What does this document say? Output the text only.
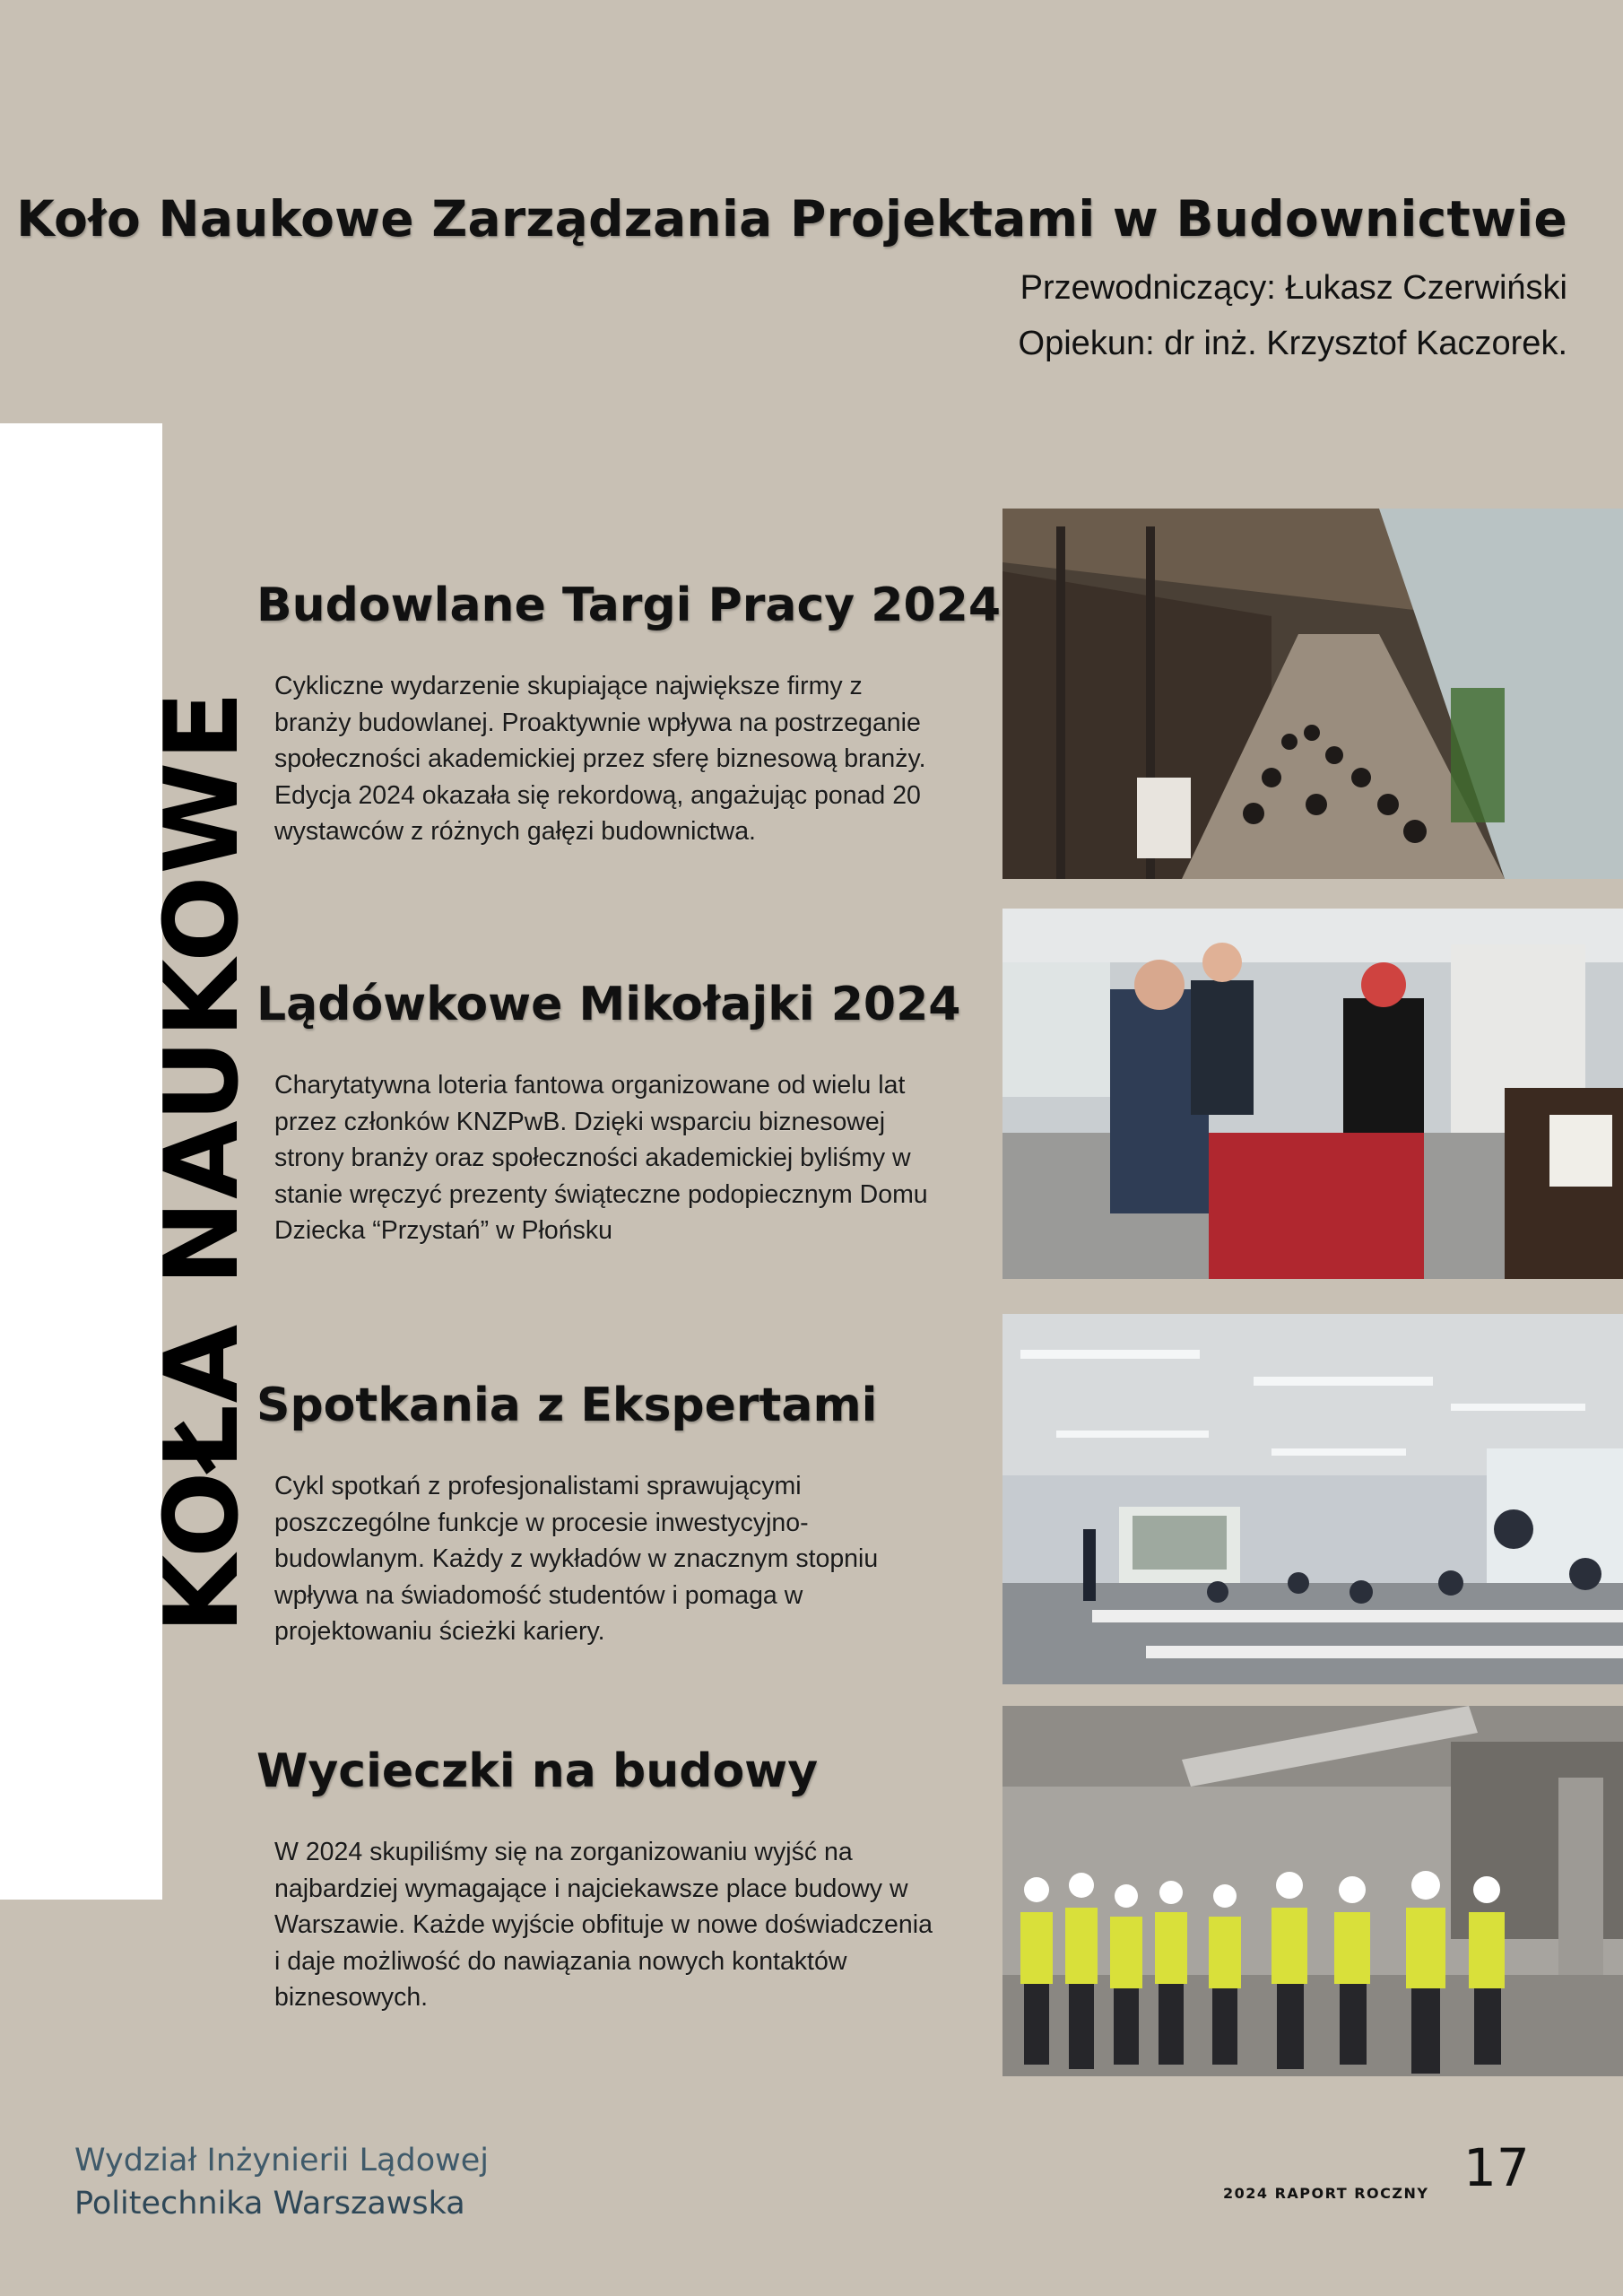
Koło Naukowe Zarządzania Projektami w Budownictwie
Przewodniczący: Łukasz Czerwiński
Opiekun: dr inż. Krzysztof Kaczorek.
KOŁA NAUKOWE
Budowlane Targi Pracy 2024

Cykliczne wydarzenie skupiające największe firmy z branży budowlanej. Proaktywnie wpływa na postrzeganie społeczności akademickiej przez sferę biznesową branży. Edycja 2024 okazała się rekordową, angażując ponad 20 wystawców z różnych gałęzi budownictwa.

Lądówkowe Mikołajki 2024

Charytatywna loteria fantowa organizowane od wielu lat przez członków KNZPwB. Dzięki wsparciu biznesowej strony branży oraz społeczności akademickiej byliśmy w stanie wręczyć prezenty świąteczne podopiecznym Domu Dziecka “Przystań” w Płońsku

Spotkania z Ekspertami

Cykl spotkań z profesjonalistami sprawującymi poszczególne funkcje w procesie inwestycyjno-budowlanym. Każdy z wykładów w znacznym stopniu wpływa na świadomość studentów i pomaga w projektowaniu ścieżki kariery.

Wycieczki na budowy

W 2024 skupiliśmy się na zorganizowaniu wyjść na najbardziej wymagające i najciekawsze place budowy w Warszawie. Każde wyjście obfituje w nowe doświadczenia i daje możliwość do nawiązania nowych kontaktów biznesowych.

Wydział Inżynierii Lądowej
Politechnika Warszawska	2024 RAPORT ROCZNY 17
